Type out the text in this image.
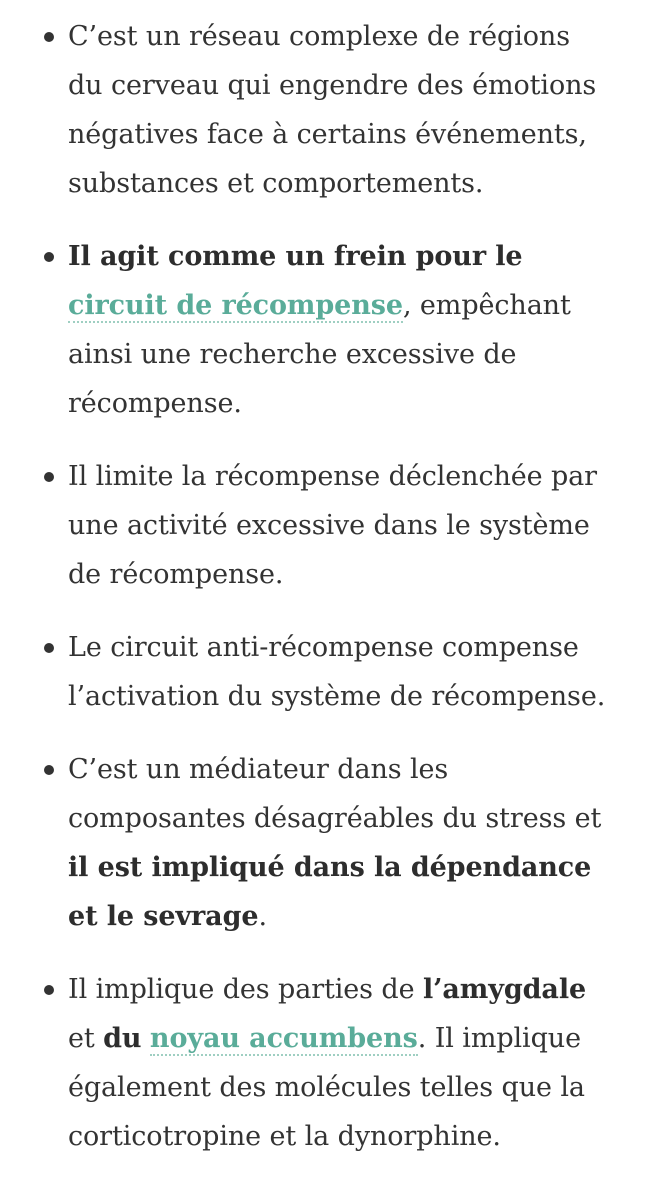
C’est un réseau complexe de régions du cerveau qui engendre des émotions négatives face à certains événements, substances et comportements.
Il agit comme un frein pour le circuit de récompense, empêchant ainsi une recherche excessive de récompense.
Il limite la récompense déclenchée par une activité excessive dans le système de récompense.
Le circuit anti-récompense compense l’activation du système de récompense.
C’est un médiateur dans les composantes désagréables du stress et il est impliqué dans la dépendance et le sevrage.
Il implique des parties de l’amygdale et du noyau accumbens. Il implique également des molécules telles que la corticotropine et la dynorphine.
